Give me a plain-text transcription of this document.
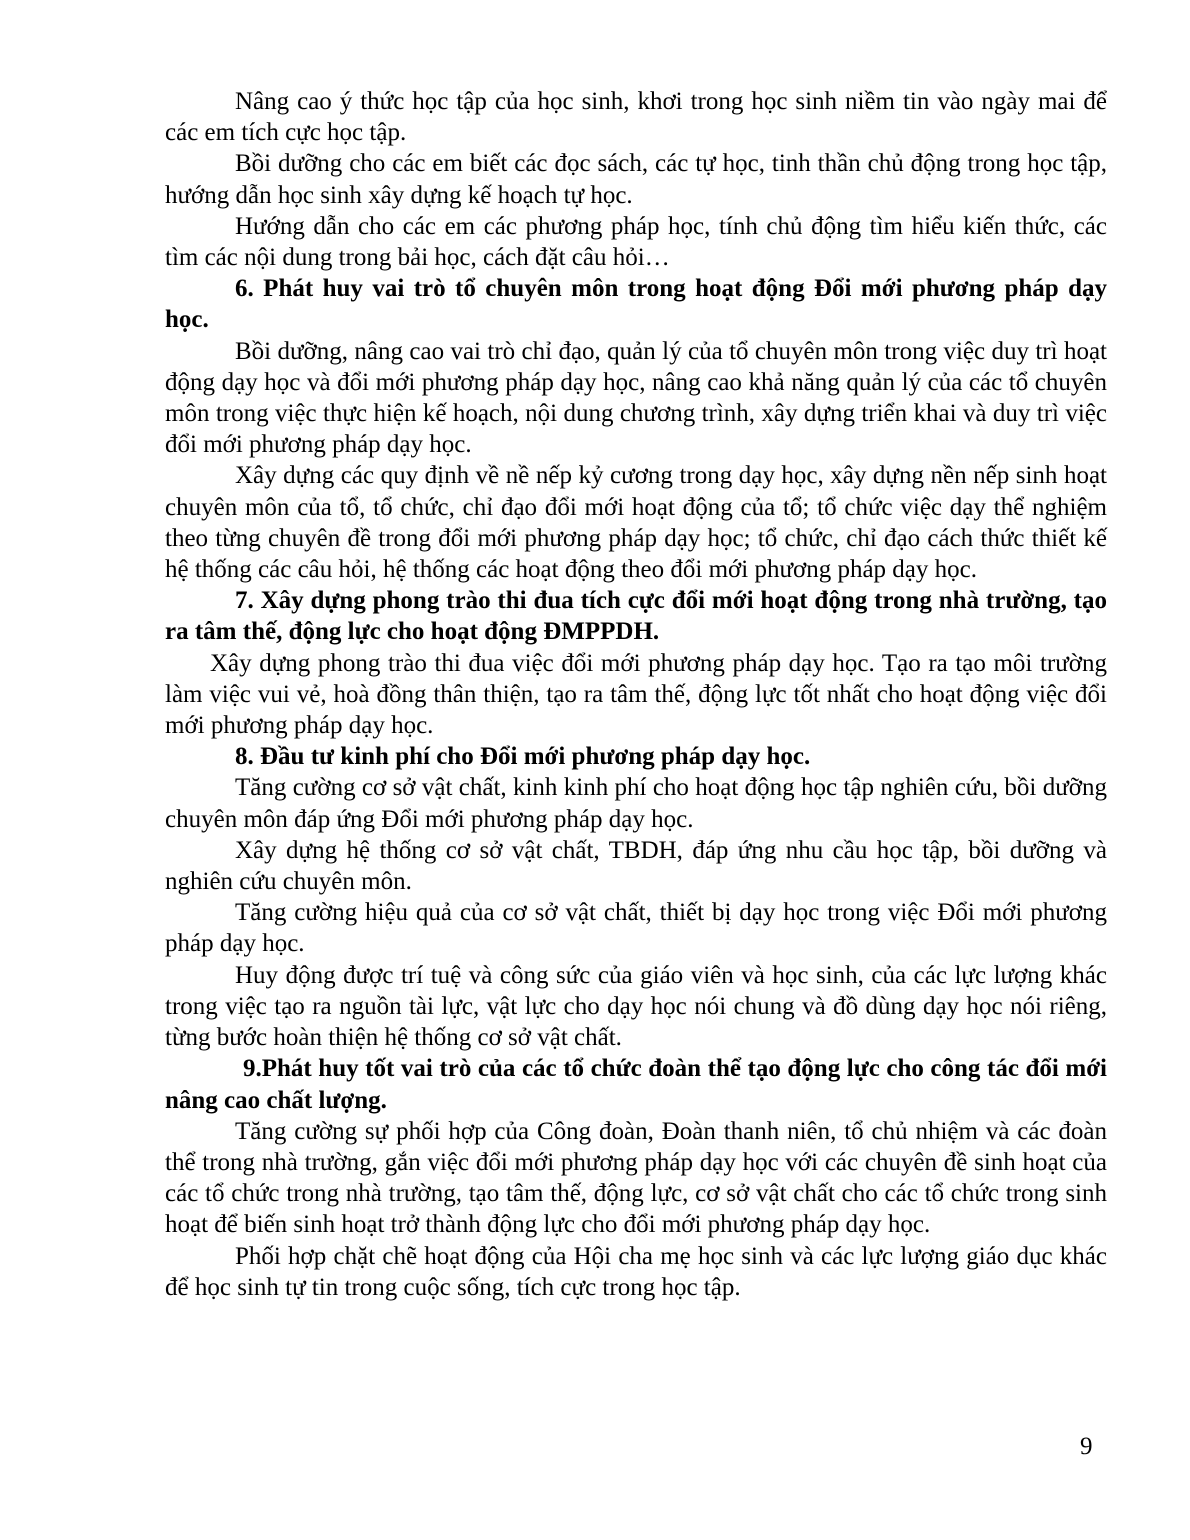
Nâng cao ý thức học tập của học sinh, khơi trong học sinh niềm tin vào ngày mai để các em tích cực học tập.

Bồi dưỡng cho các em biết các đọc sách, các tự học, tinh thần chủ động trong học tập, hướng dẫn học sinh xây dựng kế hoạch tự học.

Hướng dẫn cho các em các phương pháp học, tính chủ động tìm hiểu kiến thức, các tìm các nội dung trong bải học, cách đặt câu hỏi…

6. Phát huy vai trò tổ chuyên môn trong hoạt động Đổi mới phương pháp dạy học.

Bồi dưỡng, nâng cao vai trò chỉ đạo, quản lý của tổ chuyên môn trong việc duy trì hoạt động dạy học và đổi mới phương pháp dạy học, nâng cao khả năng quản lý của các tổ chuyên môn trong việc thực hiện kế hoạch, nội dung chương trình, xây dựng triển khai và duy trì việc đổi mới phương pháp dạy học.

Xây dựng các quy định về nề nếp kỷ cương trong dạy học, xây dựng nền nếp sinh hoạt chuyên môn của tổ, tổ chức, chỉ đạo đổi mới hoạt động của tổ; tổ chức việc dạy thể nghiệm theo từng chuyên đề trong đổi mới phương pháp dạy học; tổ chức, chỉ đạo cách thức thiết kế hệ thống các câu hỏi, hệ thống các hoạt động theo đổi mới phương pháp dạy học.

7. Xây dựng phong trào thi đua tích cực đổi mới hoạt động trong nhà trường, tạo ra tâm thế, động lực cho hoạt động ĐMPPDH.

Xây dựng phong trào thi đua việc đổi mới phương pháp dạy học. Tạo ra tạo môi trường làm việc vui vẻ, hoà đồng thân thiện, tạo ra tâm thế, động lực tốt nhất cho hoạt động việc đổi mới phương pháp dạy học.

8. Đầu tư kinh phí cho Đổi mới phương pháp dạy học.

Tăng cường cơ sở vật chất, kinh kinh phí cho hoạt động học tập nghiên cứu, bồi dưỡng chuyên môn đáp ứng Đổi mới phương pháp dạy học.

Xây dựng hệ thống cơ sở vật chất, TBDH, đáp ứng nhu cầu học tập, bồi dưỡng và nghiên cứu chuyên môn.

Tăng cường hiệu quả của cơ sở vật chất, thiết bị dạy học trong việc Đổi mới phương pháp dạy học.

Huy động được trí tuệ và công sức của giáo viên và học sinh, của các lực lượng khác trong việc tạo ra nguồn tài lực, vật lực cho dạy học nói chung và đồ dùng dạy học nói riêng, từng bước hoàn thiện hệ thống cơ sở vật chất.

9.Phát huy tốt vai trò của các tổ chức đoàn thể tạo động lực cho công tác đổi mới nâng cao chất lượng.

Tăng cường sự phối hợp của Công đoàn, Đoàn thanh niên, tổ chủ nhiệm và các đoàn thể trong nhà trường, gắn việc đổi mới phương pháp dạy học với các chuyên đề sinh hoạt của các tổ chức trong nhà trường, tạo tâm thế, động lực, cơ sở vật chất cho các tổ chức trong sinh hoạt để biến sinh hoạt trở thành động lực cho đổi mới phương pháp dạy học.

Phối hợp chặt chẽ hoạt động của Hội cha mẹ học sinh và các lực lượng giáo dục khác để học sinh tự tin trong cuộc sống, tích cực trong học tập.

9
